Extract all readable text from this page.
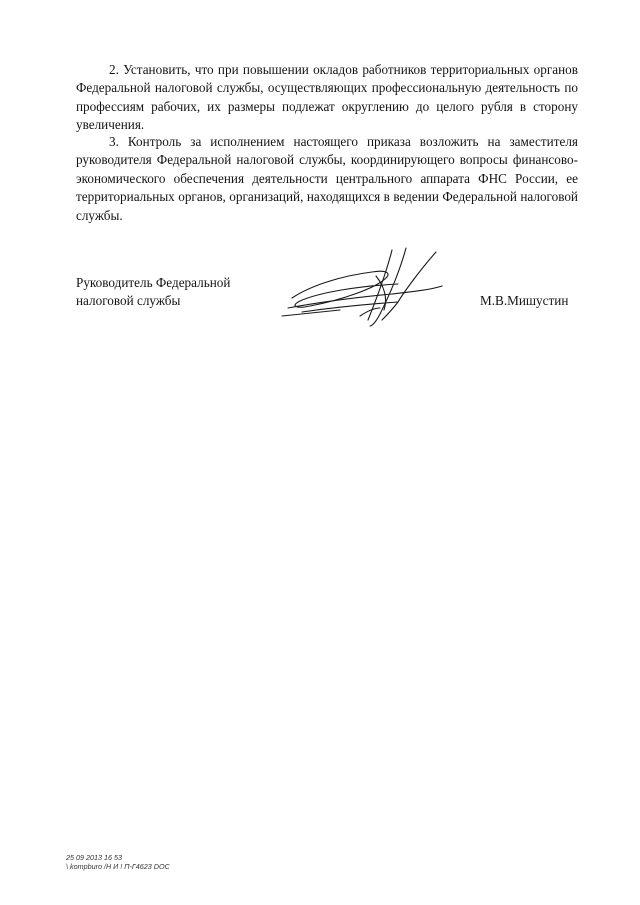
2. Установить, что при повышении окладов работников территориальных органов Федеральной налоговой службы, осуществляющих профессиональную деятельность по профессиям рабочих, их размеры подлежат округлению до целого рубля в сторону увеличения.

3. Контроль за исполнением настоящего приказа возложить на заместителя руководителя Федеральной налоговой службы, координирующего вопросы финансово-экономического обеспечения деятельности центрального аппарата ФНС России, ее территориальных органов, организаций, находящихся в ведении Федеральной налоговой службы.

Руководитель Федеральной
налоговой службы	М.В.Мишустин
25 09 2013 16 53
\ kompburo /Н И ! П-Г4623 DOC
